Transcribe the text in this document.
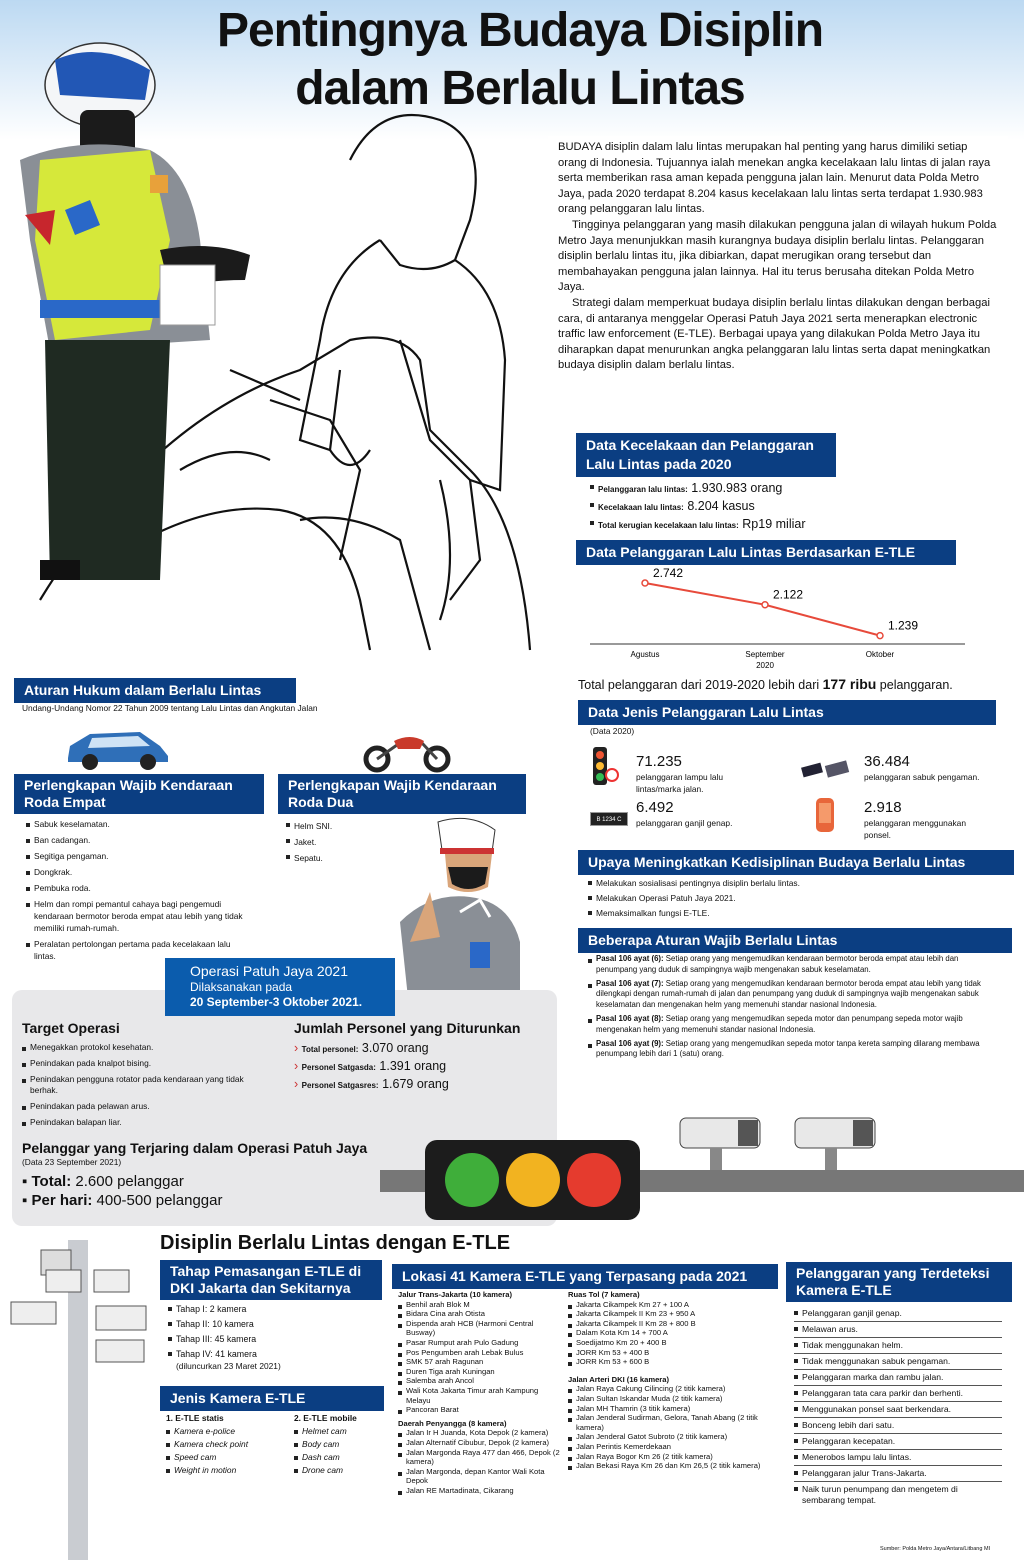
Pentingnya Budaya Disiplin
dalam Berlalu Lintas

BUDAYA disiplin dalam lalu lintas merupakan hal penting yang harus dimiliki setiap orang di Indonesia. Tujuannya ialah menekan angka kecelakaan lalu lintas di jalan raya serta memberikan rasa aman kepada pengguna jalan lain. Menurut data Polda Metro Jaya, pada 2020 terdapat 8.204 kasus kecelakaan lalu lintas serta terdapat 1.930.983 orang pelanggaran lalu lintas.

Tingginya pelanggaran yang masih dilakukan pengguna jalan di wilayah hukum Polda Metro Jaya menunjukkan masih kurangnya budaya disiplin berlalu lintas. Pelanggaran disiplin berlalu lintas itu, jika dibiarkan, dapat merugikan orang tersebut dan membahayakan pengguna jalan lainnya. Hal itu terus berusaha ditekan Polda Metro Jaya.

Strategi dalam memperkuat budaya disiplin berlalu lintas dilakukan dengan berbagai cara, di antaranya menggelar Operasi Patuh Jaya 2021 serta menerapkan electronic traffic law enforcement (E-TLE). Berbagai upaya yang dilakukan Polda Metro Jaya itu diharapkan dapat menurunkan angka pelanggaran lalu lintas serta dapat meningkatkan budaya disiplin dalam berlalu lintas.

Data Kecelakaan dan Pelanggaran
Lalu Lintas pada 2020
Pelanggaran lalu lintas: 1.930.983 orang
Kecelakaan lalu lintas: 8.204 kasus
Total kerugian kecelakaan lalu lintas: Rp19 miliar
Data Pelanggaran Lalu Lintas Berdasarkan E-TLE
2.742
Agustus
2.122
September
1.239
Oktober
2020
Total pelanggaran dari 2019-2020 lebih dari 177 ribu pelanggaran.
Data Jenis Pelanggaran Lalu Lintas
(Data 2020)
71.235
pelanggaran lampu lalu lintas/marka jalan.
36.484
pelanggaran sabuk pengaman.
B 1234 C
6.492
pelanggaran ganjil genap.
2.918
pelanggaran menggunakan ponsel.
Upaya Meningkatkan Kedisiplinan Budaya Berlalu Lintas
Melakukan sosialisasi pentingnya disiplin berlalu lintas.
Melakukan Operasi Patuh Jaya 2021.
Memaksimalkan fungsi E-TLE.
Beberapa Aturan Wajib Berlalu Lintas
Pasal 106 ayat (6): Setiap orang yang mengemudikan kendaraan bermotor beroda empat atau lebih dan penumpang yang duduk di sampingnya wajib mengenakan sabuk keselamatan.
Pasal 106 ayat (7): Setiap orang yang mengemudikan kendaraan bermotor beroda empat atau lebih yang tidak dilengkapi dengan rumah-rumah di jalan dan penumpang yang duduk di sampingnya wajib mengenakan sabuk keselamatan dan mengenakan helm yang memenuhi standar nasional Indonesia.
Pasal 106 ayat (8): Setiap orang yang mengemudikan sepeda motor dan penumpang sepeda motor wajib mengenakan helm yang memenuhi standar nasional Indonesia.
Pasal 106 ayat (9): Setiap orang yang mengemudikan sepeda motor tanpa kereta samping dilarang membawa penumpang lebih dari 1 (satu) orang.
Aturan Hukum dalam Berlalu Lintas
Undang-Undang Nomor 22 Tahun 2009 tentang Lalu Lintas dan Angkutan Jalan
Perlengkapan Wajib Kendaraan
Roda Empat
Sabuk keselamatan.
Ban cadangan.
Segitiga pengaman.
Dongkrak.
Pembuka roda.
Helm dan rompi pemantul cahaya bagi pengemudi kendaraan bermotor beroda empat atau lebih yang tidak memiliki rumah-rumah.
Peralatan pertolongan pertama pada kecelakaan lalu lintas.
Perlengkapan Wajib Kendaraan
Roda Dua
Helm SNI.
Jaket.
Sepatu.
Operasi Patuh Jaya 2021
Dilaksanakan pada
20 September-3 Oktober 2021.
Target Operasi
Menegakkan protokol kesehatan.
Penindakan pada knalpot bising.
Penindakan pengguna rotator pada kendaraan yang tidak berhak.
Penindakan pada pelawan arus.
Penindakan balapan liar.
Jumlah Personel yang Diturunkan
› Total personel: 3.070 orang
› Personel Satgasda: 1.391 orang
› Personel Satgasres: 1.679 orang
Pelanggar yang Terjaring dalam Operasi Patuh Jaya
(Data 23 September 2021)
▪ Total: 2.600 pelanggar
▪ Per hari: 400-500 pelanggar
Disiplin Berlalu Lintas dengan E-TLE
Tahap Pemasangan E-TLE di
DKI Jakarta dan Sekitarnya
Tahap I: 2 kamera
Tahap II: 10 kamera
Tahap III: 45 kamera
Tahap IV: 41 kamera
(diluncurkan 23 Maret 2021)
Jenis Kamera E-TLE
1. E-TLE statis
Kamera e-police
Kamera check point
Speed cam
Weight in motion
2. E-TLE mobile
Helmet cam
Body cam
Dash cam
Drone cam
Lokasi 41 Kamera E-TLE yang Terpasang pada 2021
Jalur Trans-Jakarta (10 kamera)
Benhil arah Blok M
Bidara Cina arah Otista
Dispenda arah HCB (Harmoni Central Busway)
Pasar Rumput arah Pulo Gadung
Pos Pengumben arah Lebak Bulus
SMK 57 arah Ragunan
Duren Tiga arah Kuningan
Salemba arah Ancol
Wali Kota Jakarta Timur arah Kampung Melayu
Pancoran Barat
Daerah Penyangga (8 kamera)
Jalan Ir H Juanda, Kota Depok (2 kamera)
Jalan Alternatif Cibubur, Depok (2 kamera)
Jalan Margonda Raya 477 dan 466, Depok (2 kamera)
Jalan Margonda, depan Kantor Wali Kota Depok
Jalan RE Martadinata, Cikarang
Ruas Tol (7 kamera)
Jakarta Cikampek Km 27 + 100 A
Jakarta Cikampek II Km 23 + 950 A
Jakarta Cikampek II Km 28 + 800 B
Dalam Kota Km 14 + 700 A
Soedijatmo Km 20 + 400 B
JORR Km 53 + 400 B
JORR Km 53 + 600 B
Jalan Arteri DKI (16 kamera)
Jalan Raya Cakung Cilincing (2 titik kamera)
Jalan Sultan Iskandar Muda (2 titik kamera)
Jalan MH Thamrin (3 titik kamera)
Jalan Jenderal Sudirman, Gelora, Tanah Abang (2 titik kamera)
Jalan Jenderal Gatot Subroto (2 titik kamera)
Jalan Perintis Kemerdekaan
Jalan Raya Bogor Km 26 (2 titik kamera)
Jalan Bekasi Raya Km 26 dan Km 26,5 (2 titik kamera)
Pelanggaran yang Terdeteksi
Kamera E-TLE
Pelanggaran ganjil genap.
Melawan arus.
Tidak menggunakan helm.
Tidak menggunakan sabuk pengaman.
Pelanggaran marka dan rambu jalan.
Pelanggaran tata cara parkir dan berhenti.
Menggunakan ponsel saat berkendara.
Bonceng lebih dari satu.
Pelanggaran kecepatan.
Menerobos lampu lalu lintas.
Pelanggaran jalur Trans-Jakarta.
Naik turun penumpang dan mengetem di sembarang tempat.
Sumber: Polda Metro Jaya/Antara/Litbang MI
